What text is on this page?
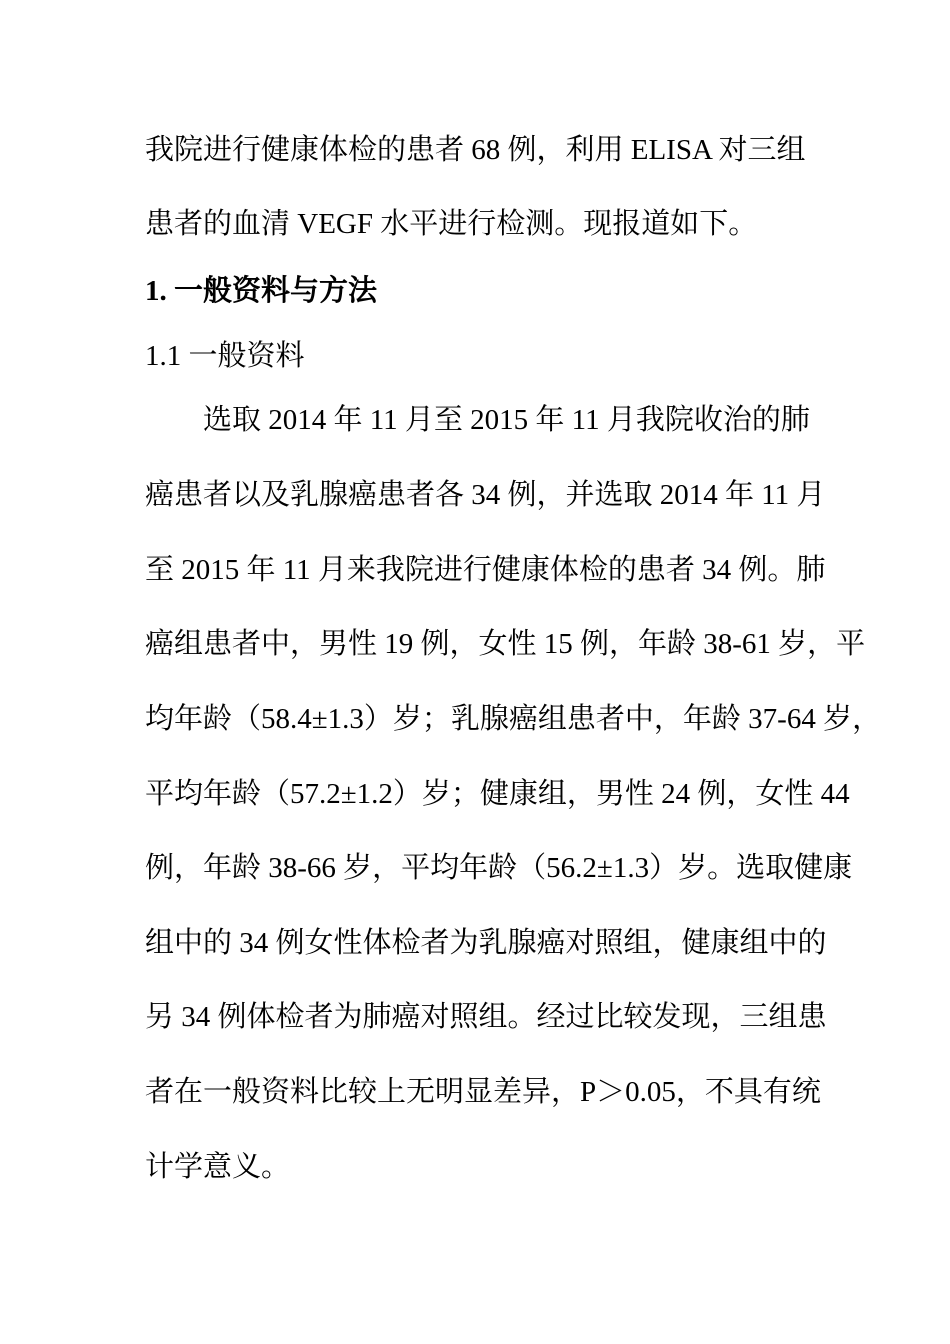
我院进行健康体检的患者 68 例，利用 ELISA 对三组
患者的血清 VEGF 水平进行检测。现报道如下。
1. 一般资料与方法
1.1 一般资料
选取 2014 年 11 月至 2015 年 11 月我院收治的肺
癌患者以及乳腺癌患者各 34 例，并选取 2014 年 11 月
至 2015 年 11 月来我院进行健康体检的患者 34 例。肺
癌组患者中，男性 19 例，女性 15 例，年龄 38-61 岁，平
均年龄（58.4±1.3）岁；乳腺癌组患者中，年龄 37-64 岁，
平均年龄（57.2±1.2）岁；健康组，男性 24 例，女性 44
例，年龄 38-66 岁，平均年龄（56.2±1.3）岁。选取健康
组中的 34 例女性体检者为乳腺癌对照组，健康组中的
另 34 例体检者为肺癌对照组。经过比较发现，三组患
者在一般资料比较上无明显差异，P＞0.05，不具有统
计学意义。
